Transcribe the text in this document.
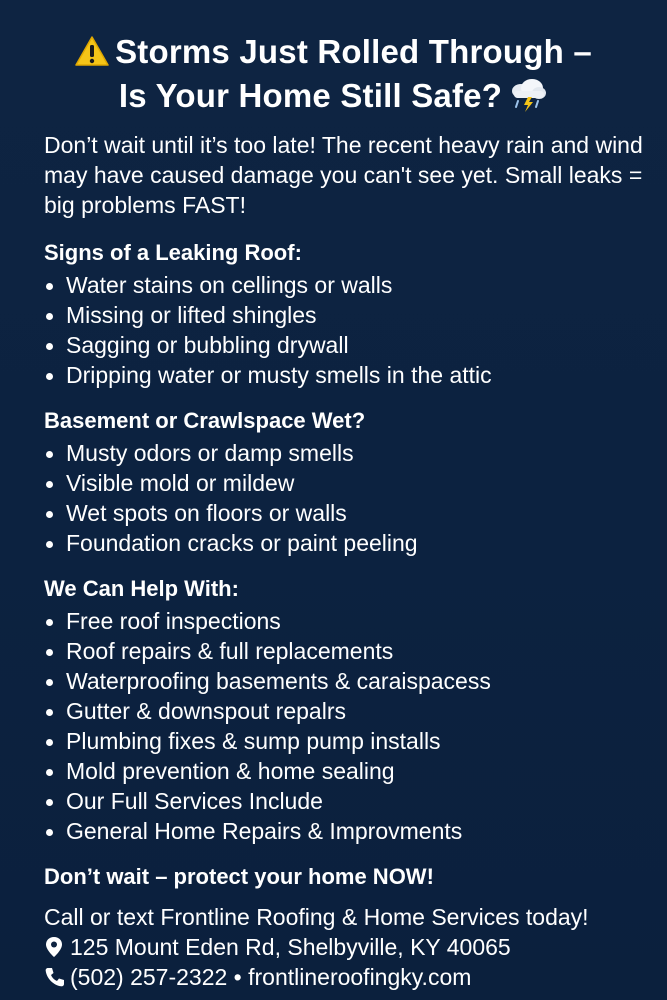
Storms Just Rolled Through –
Is Your Home Still Safe?
Don’t wait until it’s too late! The recent heavy rain and wind may have caused damage you can't see yet. Small leaks = big problems FAST!
Signs of a Leaking Roof:
Water stains on cellings or walls
Missing or lifted shingles
Sagging or bubbling drywall
Dripping water or musty smells in the attic
Basement or Crawlspace Wet?
Musty odors or damp smells
Visible mold or mildew
Wet spots on floors or walls
Foundation cracks or paint peeling
We Can Help With:
Free roof inspections
Roof repairs & full replacements
Waterproofing basements & caraispacess
Gutter & downspout repalrs
Plumbing fixes & sump pump installs
Mold prevention & home sealing
Our Full Services Include
General Home Repairs & Improvments
Don’t wait – protect your home NOW!
Call or text Frontline Roofing & Home Services today!
125 Mount Eden Rd, Shelbyville, KY 40065
(502) 257-2322 • frontlineroofingky.com
